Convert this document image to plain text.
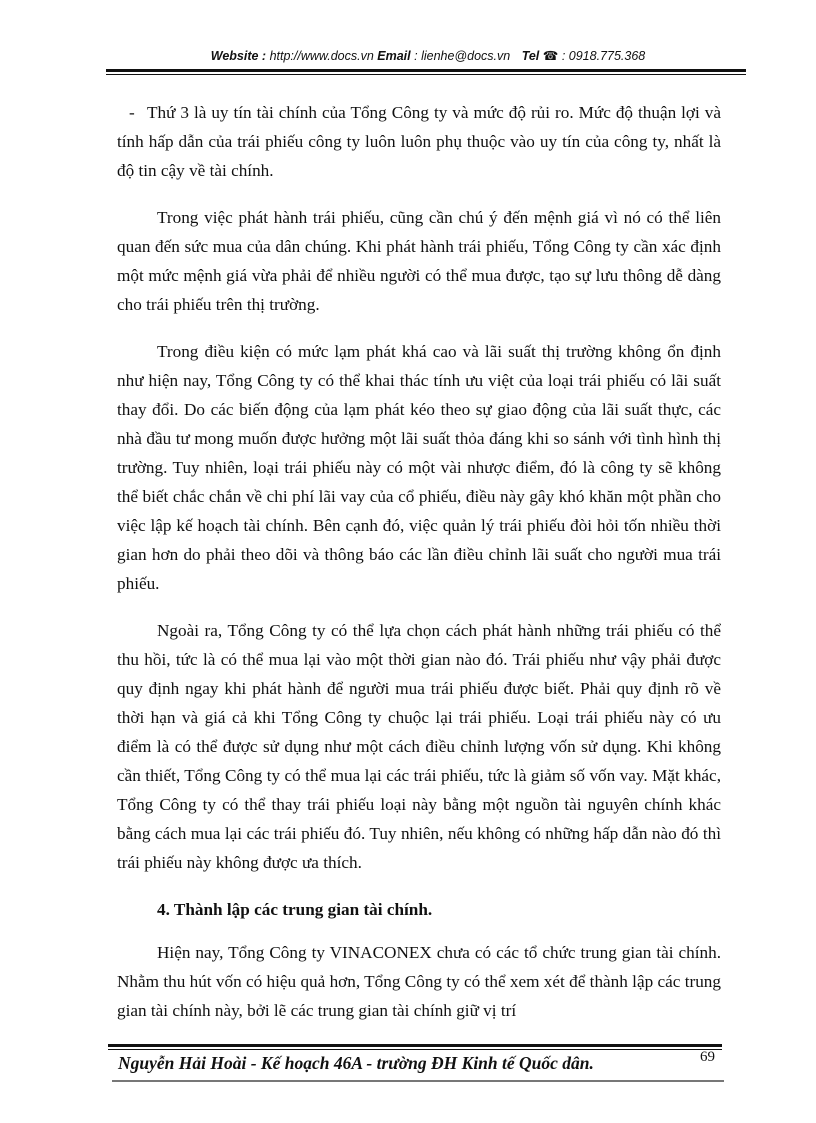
Website : http://www.docs.vn Email : lienhe@docs.vn Tel ☎ : 0918.775.368

- Thứ 3 là uy tín tài chính của Tổng Công ty và mức độ rủi ro. Mức độ thuận lợi và tính hấp dẫn của trái phiếu công ty luôn luôn phụ thuộc vào uy tín của công ty, nhất là độ tin cậy về tài chính.

Trong việc phát hành trái phiếu, cũng cần chú ý đến mệnh giá vì nó có thể liên quan đến sức mua của dân chúng. Khi phát hành trái phiếu, Tổng Công ty cần xác định một mức mệnh giá vừa phải để nhiều người có thể mua được, tạo sự lưu thông dễ dàng cho trái phiếu trên thị trường.

Trong điều kiện có mức lạm phát khá cao và lãi suất thị trường không ổn định như hiện nay, Tổng Công ty có thể khai thác tính ưu việt của loại trái phiếu có lãi suất thay đổi. Do các biến động của lạm phát kéo theo sự giao động của lãi suất thực, các nhà đầu tư mong muốn được hưởng một lãi suất thỏa đáng khi so sánh với tình hình thị trường. Tuy nhiên, loại trái phiếu này có một vài nhược điểm, đó là công ty sẽ không thể biết chắc chắn về chi phí lãi vay của cổ phiếu, điều này gây khó khăn một phần cho việc lập kế hoạch tài chính. Bên cạnh đó, việc quản lý trái phiếu đòi hỏi tốn nhiều thời gian hơn do phải theo dõi và thông báo các lần điều chỉnh lãi suất cho người mua trái phiếu.

Ngoài ra, Tổng Công ty có thể lựa chọn cách phát hành những trái phiếu có thể thu hồi, tức là có thể mua lại vào một thời gian nào đó. Trái phiếu như vậy phải được quy định ngay khi phát hành để người mua trái phiếu được biết. Phải quy định rõ về thời hạn và giá cả khi Tổng Công ty chuộc lại trái phiếu. Loại trái phiếu này có ưu điểm là có thể được sử dụng như một cách điều chỉnh lượng vốn sử dụng. Khi không cần thiết, Tổng Công ty có thể mua lại các trái phiếu, tức là giảm số vốn vay. Mặt khác, Tổng Công ty có thể thay trái phiếu loại này bằng một nguồn tài nguyên chính khác bằng cách mua lại các trái phiếu đó. Tuy nhiên, nếu không có những hấp dẫn nào đó thì trái phiếu này không được ưa thích.

4. Thành lập các trung gian tài chính.

Hiện nay, Tổng Công ty VINACONEX chưa có các tổ chức trung gian tài chính. Nhằm thu hút vốn có hiệu quả hơn, Tổng Công ty có thể xem xét để thành lập các trung gian tài chính này, bởi lẽ các trung gian tài chính giữ vị trí

Nguyễn Hải Hoài - Kế hoạch 46A - trường ĐH Kinh tế Quốc dân.	69
